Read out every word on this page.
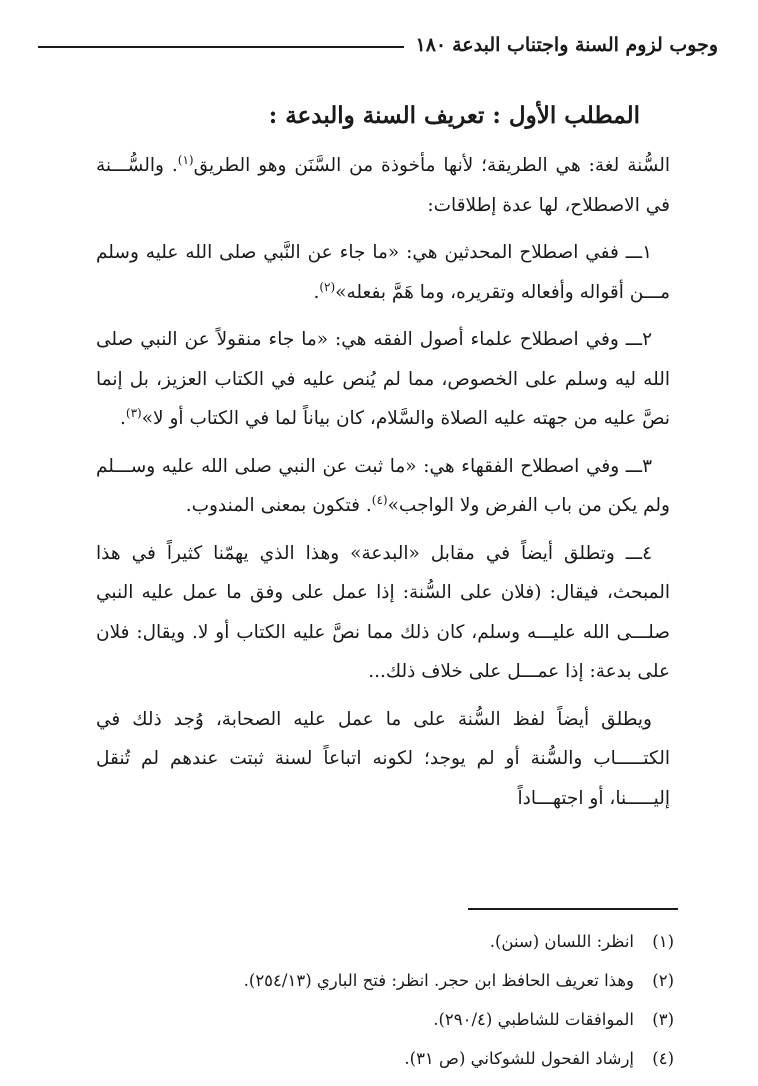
وجوب لزوم السنة واجتناب البدعة
١٨٠
المطلب الأول : تعريف السنة والبدعة :

السُّنة لغة: هي الطريقة؛ لأنها مأخوذة من السَّنَن وهو الطريق$^{(١)}$. والسُّـــنة في الاصطلاح، لها عدة إطلاقات:

١ـــ ففي اصطلاح المحدثين هي: «ما جاء عن النَّبي صلى الله عليه وسلم مـــن أقواله وأفعاله وتقريره، وما هَمَّ بفعله»$^{(٢)}$.

٢ـــ وفي اصطلاح علماء أصول الفقه هي: «ما جاء منقولاً عن النبي صلى الله ليه وسلم على الخصوص، مما لم يُنص عليه في الكتاب العزيز، بل إنما نصَّ عليه من جهته عليه الصلاة والسَّلام، كان بياناً لما في الكتاب أو لا»$^{(٣)}$.

٣ـــ وفي اصطلاح الفقهاء هي: «ما ثبت عن النبي صلى الله عليه وســـلم ولم يكن من باب الفرض ولا الواجب»$^{(٤)}$. فتكون بمعنى المندوب.

٤ـــ وتطلق أيضاً في مقابل «البدعة» وهذا الذي يهمّنا كثيراً في هذا المبحث، فيقال: (فلان على السُّنة: إذا عمل على وفق ما عمل عليه النبي صلـــى الله عليـــه وسلم، كان ذلك مما نصَّ عليه الكتاب أو لا. ويقال: فلان على بدعة: إذا عمـــل على خلاف ذلك...

ويطلق أيضاً لفظ السُّنة على ما عمل عليه الصحابة، وُجد ذلك في الكتـــــاب والسُّنة أو لم يوجد؛ لكونه اتباعاً لسنة ثبتت عندهم لم تُنقل إليـــــنا، أو اجتهـــاداً

(١)
انظر: اللسان (سنن).
(٢)
وهذا تعريف الحافظ ابن حجر. انظر: فتح الباري (٢٥٤/١٣).
(٣)
الموافقات للشاطبي (٢٩٠/٤).
(٤)
إرشاد الفحول للشوكاني (ص ٣١).
